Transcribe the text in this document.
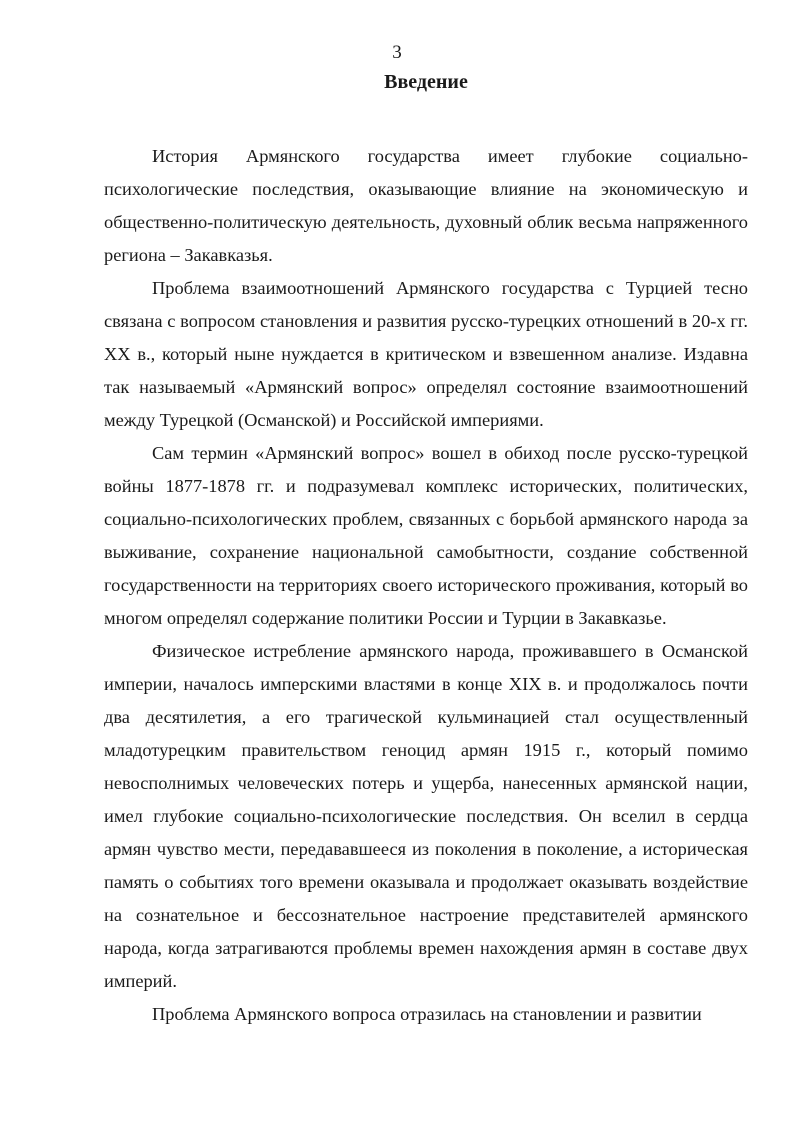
3
Введение

История Армянского государства имеет глубокие социально-психологические последствия, оказывающие влияние на экономическую и общественно-политическую деятельность, духовный облик весьма напряженного региона – Закавказья.

Проблема взаимоотношений Армянского государства с Турцией тесно связана с вопросом становления и развития русско-турецких отношений в 20-х гг. XX в., который ныне нуждается в критическом и взвешенном анализе. Издавна так называемый «Армянский вопрос» определял состояние взаимоотношений между Турецкой (Османской) и Российской империями.

Сам термин «Армянский вопрос» вошел в обиход после русско-турецкой войны 1877-1878 гг. и подразумевал комплекс исторических, политических, социально-психологических проблем, связанных с борьбой армянского народа за выживание, сохранение национальной самобытности, создание собственной государственности на территориях своего исторического проживания, который во многом определял содержание политики России и Турции в Закавказье.

Физическое истребление армянского народа, проживавшего в Османской империи, началось имперскими властями в конце XIX в. и продолжалось почти два десятилетия, а его трагической кульминацией стал осуществленный младотурецким правительством геноцид армян 1915 г., который помимо невосполнимых человеческих потерь и ущерба, нанесенных армянской нации, имел глубокие социально-психологические последствия. Он вселил в сердца армян чувство мести, передававшееся из поколения в поколение, а историческая память о событиях того времени оказывала и продолжает оказывать воздействие на сознательное и бессознательное настроение представителей армянского народа, когда затрагиваются проблемы времен нахождения армян в составе двух империй.

Проблема Армянского вопроса отразилась на становлении и развитии
